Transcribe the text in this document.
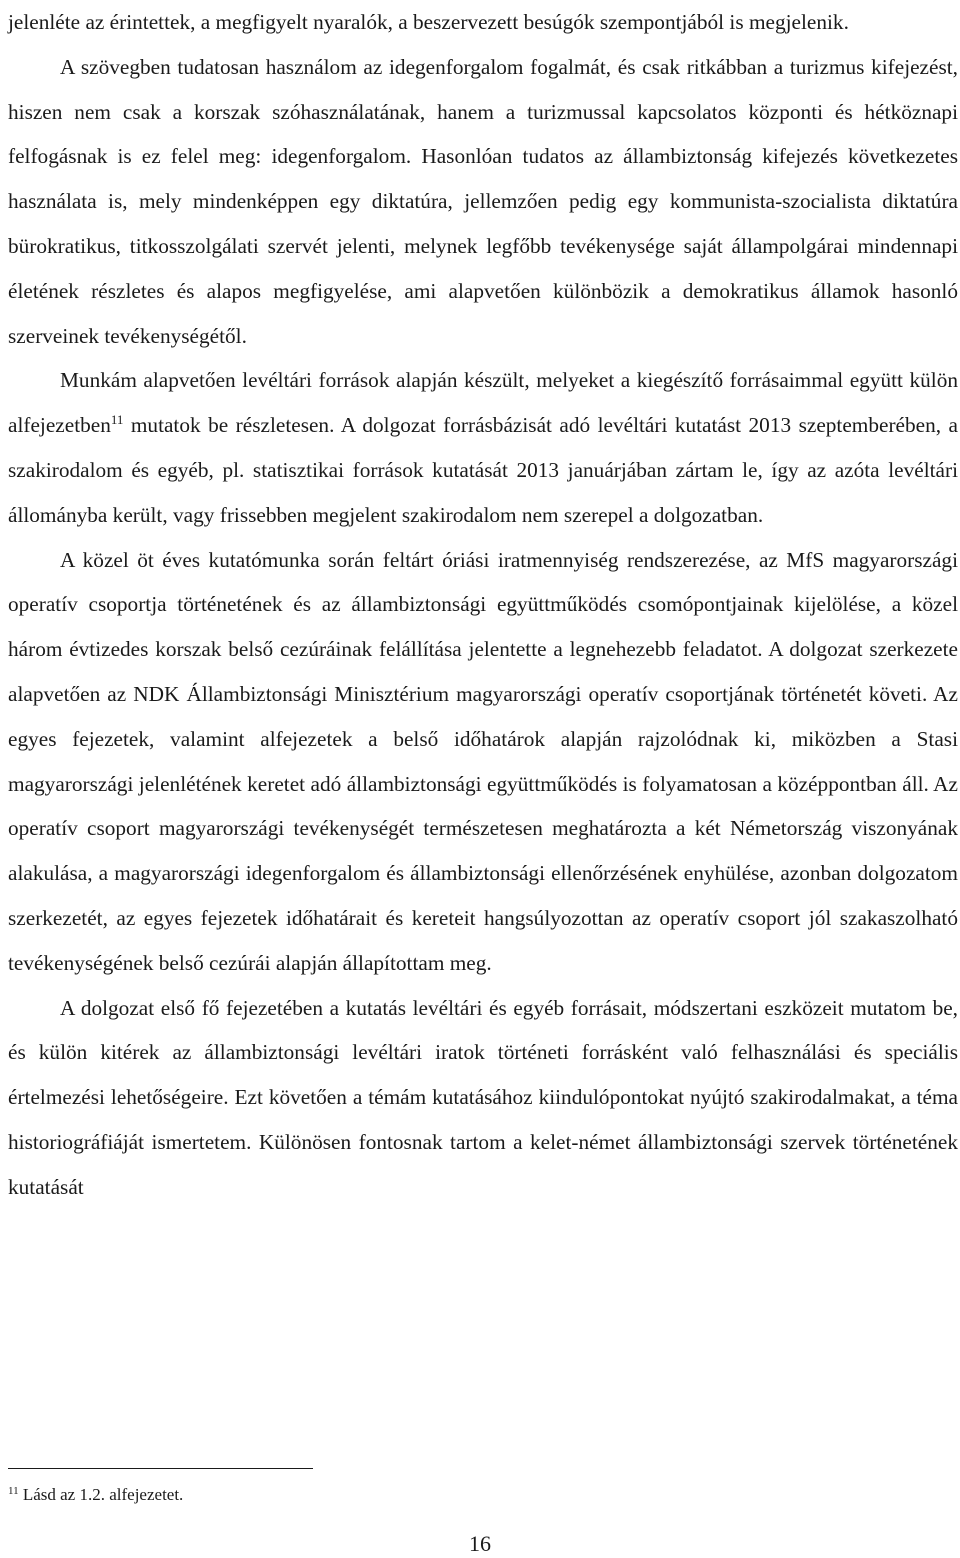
jelenléte az érintettek, a megfigyelt nyaralók, a beszervezett besúgók szempontjából is megjelenik.

A szövegben tudatosan használom az idegenforgalom fogalmát, és csak ritkábban a turizmus kifejezést, hiszen nem csak a korszak szóhasználatának, hanem a turizmussal kapcsolatos központi és hétköznapi felfogásnak is ez felel meg: idegenforgalom. Hasonlóan tudatos az állambiztonság kifejezés következetes használata is, mely mindenképpen egy diktatúra, jellemzően pedig egy kommunista-szocialista diktatúra bürokratikus, titkosszolgálati szervét jelenti, melynek legfőbb tevékenysége saját állampolgárai mindennapi életének részletes és alapos megfigyelése, ami alapvetően különbözik a demokratikus államok hasonló szerveinek tevékenységétől.

Munkám alapvetően levéltári források alapján készült, melyeket a kiegészítő forrásaimmal együtt külön alfejezetben$^{11}$ mutatok be részletesen. A dolgozat forrásbázisát adó levéltári kutatást 2013 szeptemberében, a szakirodalom és egyéb, pl. statisztikai források kutatását 2013 januárjában zártam le, így az azóta levéltári állományba került, vagy frissebben megjelent szakirodalom nem szerepel a dolgozatban.

A közel öt éves kutatómunka során feltárt óriási iratmennyiség rendszerezése, az MfS magyarországi operatív csoportja történetének és az állambiztonsági együttműködés csomópontjainak kijelölése, a közel három évtizedes korszak belső cezúráinak felállítása jelentette a legnehezebb feladatot. A dolgozat szerkezete alapvetően az NDK Állambiztonsági Minisztérium magyarországi operatív csoportjának történetét követi. Az egyes fejezetek, valamint alfejezetek a belső időhatárok alapján rajzolódnak ki, miközben a Stasi magyarországi jelenlétének keretet adó állambiztonsági együttműködés is folyamatosan a középpontban áll. Az operatív csoport magyarországi tevékenységét természetesen meghatározta a két Németország viszonyának alakulása, a magyarországi idegenforgalom és állambiztonsági ellenőrzésének enyhülése, azonban dolgozatom szerkezetét, az egyes fejezetek időhatárait és kereteit hangsúlyozottan az operatív csoport jól szakaszolható tevékenységének belső cezúrái alapján állapítottam meg.

A dolgozat első fő fejezetében a kutatás levéltári és egyéb forrásait, módszertani eszközeit mutatom be, és külön kitérek az állambiztonsági levéltári iratok történeti forrásként való felhasználási és speciális értelmezési lehetőségeire. Ezt követően a témám kutatásához kiindulópontokat nyújtó szakirodalmakat, a téma historiográfiáját ismertetem. Különösen fontosnak tartom a kelet-német állambiztonsági szervek történetének kutatását

$^{11}$ Lásd az 1.2. alfejezetet.
16
